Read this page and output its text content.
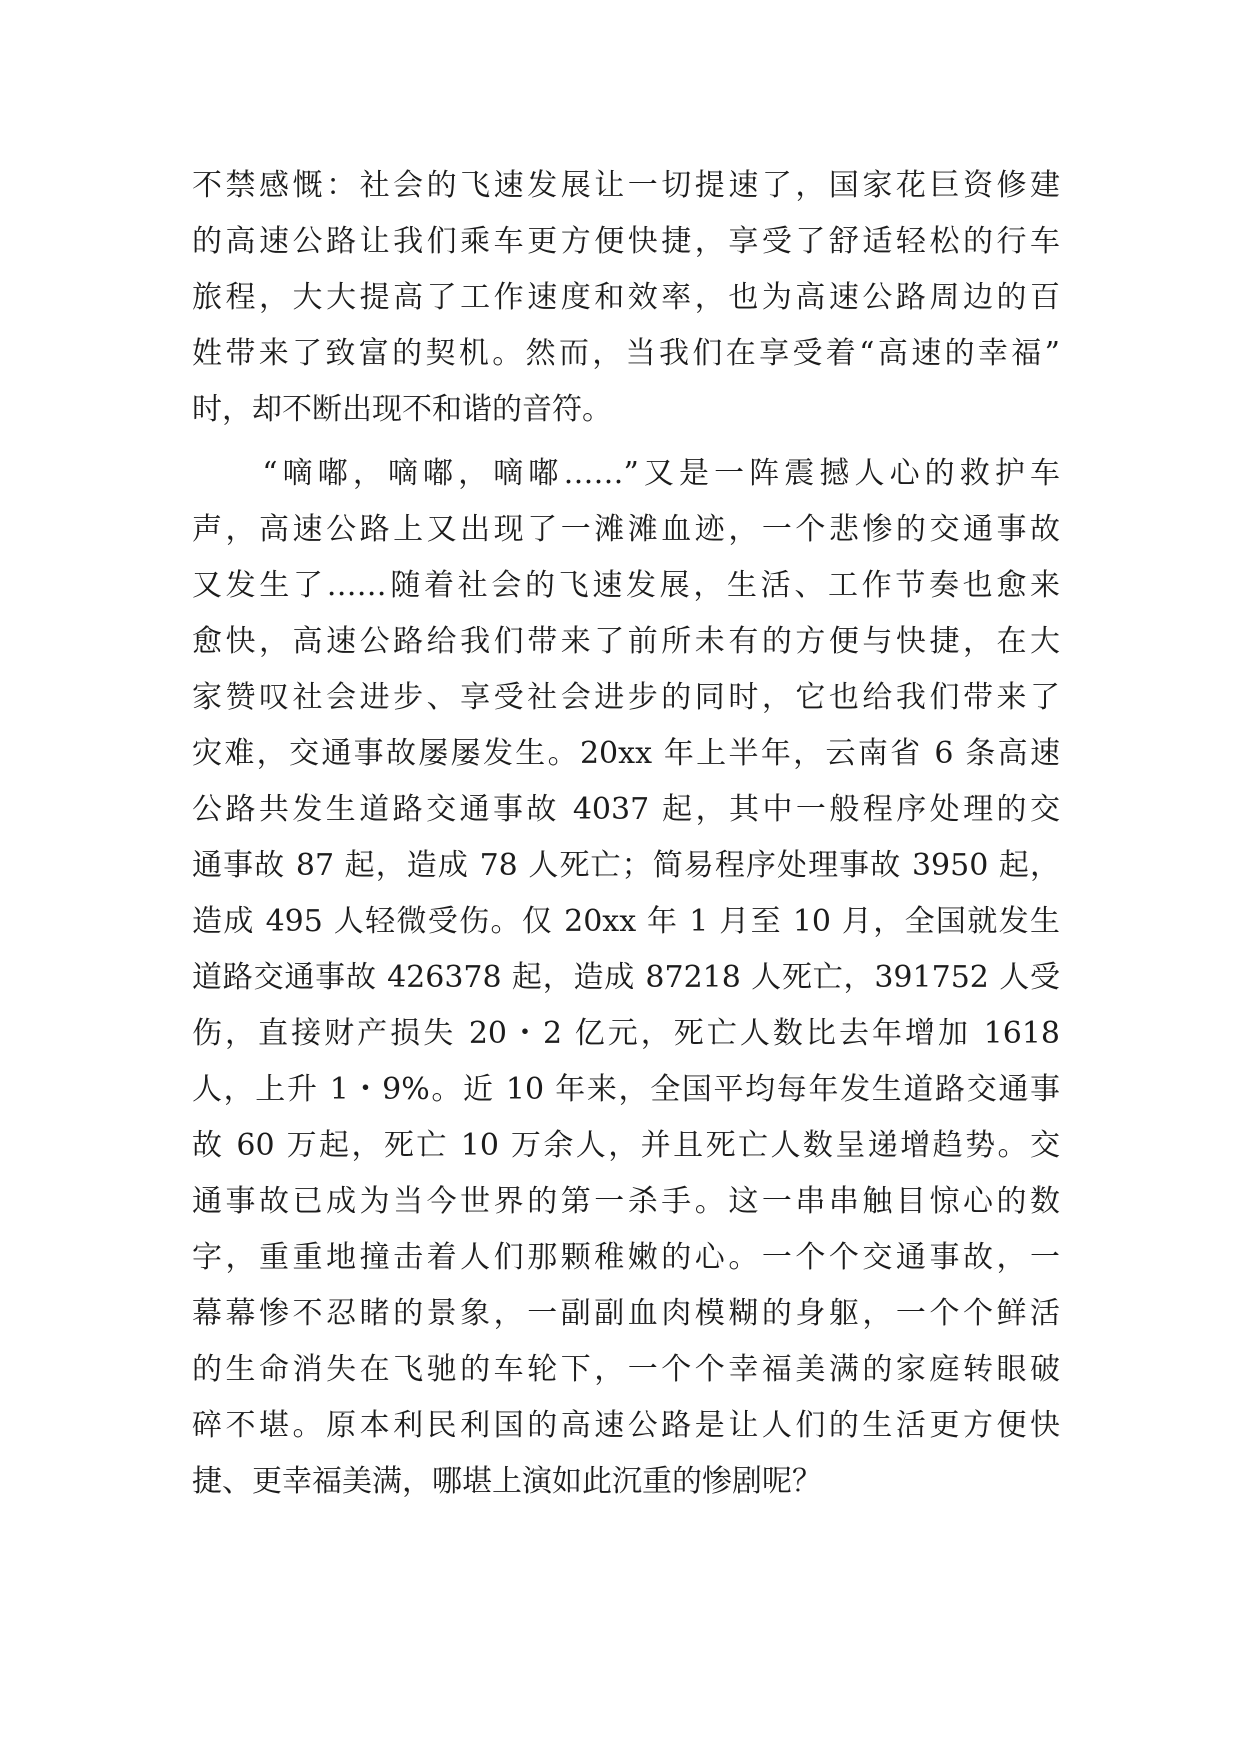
不禁感慨：社会的飞速发展让一切提速了，国家花巨资修建
的高速公路让我们乘车更方便快捷，享受了舒适轻松的行车
旅程，大大提高了工作速度和效率，也为高速公路周边的百
姓带来了致富的契机。然而，当我们在享受着“高速的幸福”
时，却不断出现不和谐的音符。
　　“嘀嘟，嘀嘟，嘀嘟……”又是一阵震撼人心的救护车
声，高速公路上又出现了一滩滩血迹，一个悲惨的交通事故
又发生了……随着社会的飞速发展，生活、工作节奏也愈来
愈快，高速公路给我们带来了前所未有的方便与快捷，在大
家赞叹社会进步、享受社会进步的同时，它也给我们带来了
灾难，交通事故屡屡发生。20xx 年上半年，云南省 6 条高速
公路共发生道路交通事故 4037 起，其中一般程序处理的交
通事故 87 起，造成 78 人死亡；简易程序处理事故 3950 起，
造成 495 人轻微受伤。仅 20xx 年 1 月至 10 月，全国就发生
道路交通事故 426378 起，造成 87218 人死亡，391752 人受
伤，直接财产损失 20・2 亿元，死亡人数比去年增加 1618
人，上升 1・9%。近 10 年来，全国平均每年发生道路交通事
故 60 万起，死亡 10 万余人，并且死亡人数呈递增趋势。交
通事故已成为当今世界的第一杀手。这一串串触目惊心的数
字，重重地撞击着人们那颗稚嫩的心。一个个交通事故，一
幕幕惨不忍睹的景象，一副副血肉模糊的身躯，一个个鲜活
的生命消失在飞驰的车轮下，一个个幸福美满的家庭转眼破
碎不堪。原本利民利国的高速公路是让人们的生活更方便快
捷、更幸福美满，哪堪上演如此沉重的惨剧呢？
